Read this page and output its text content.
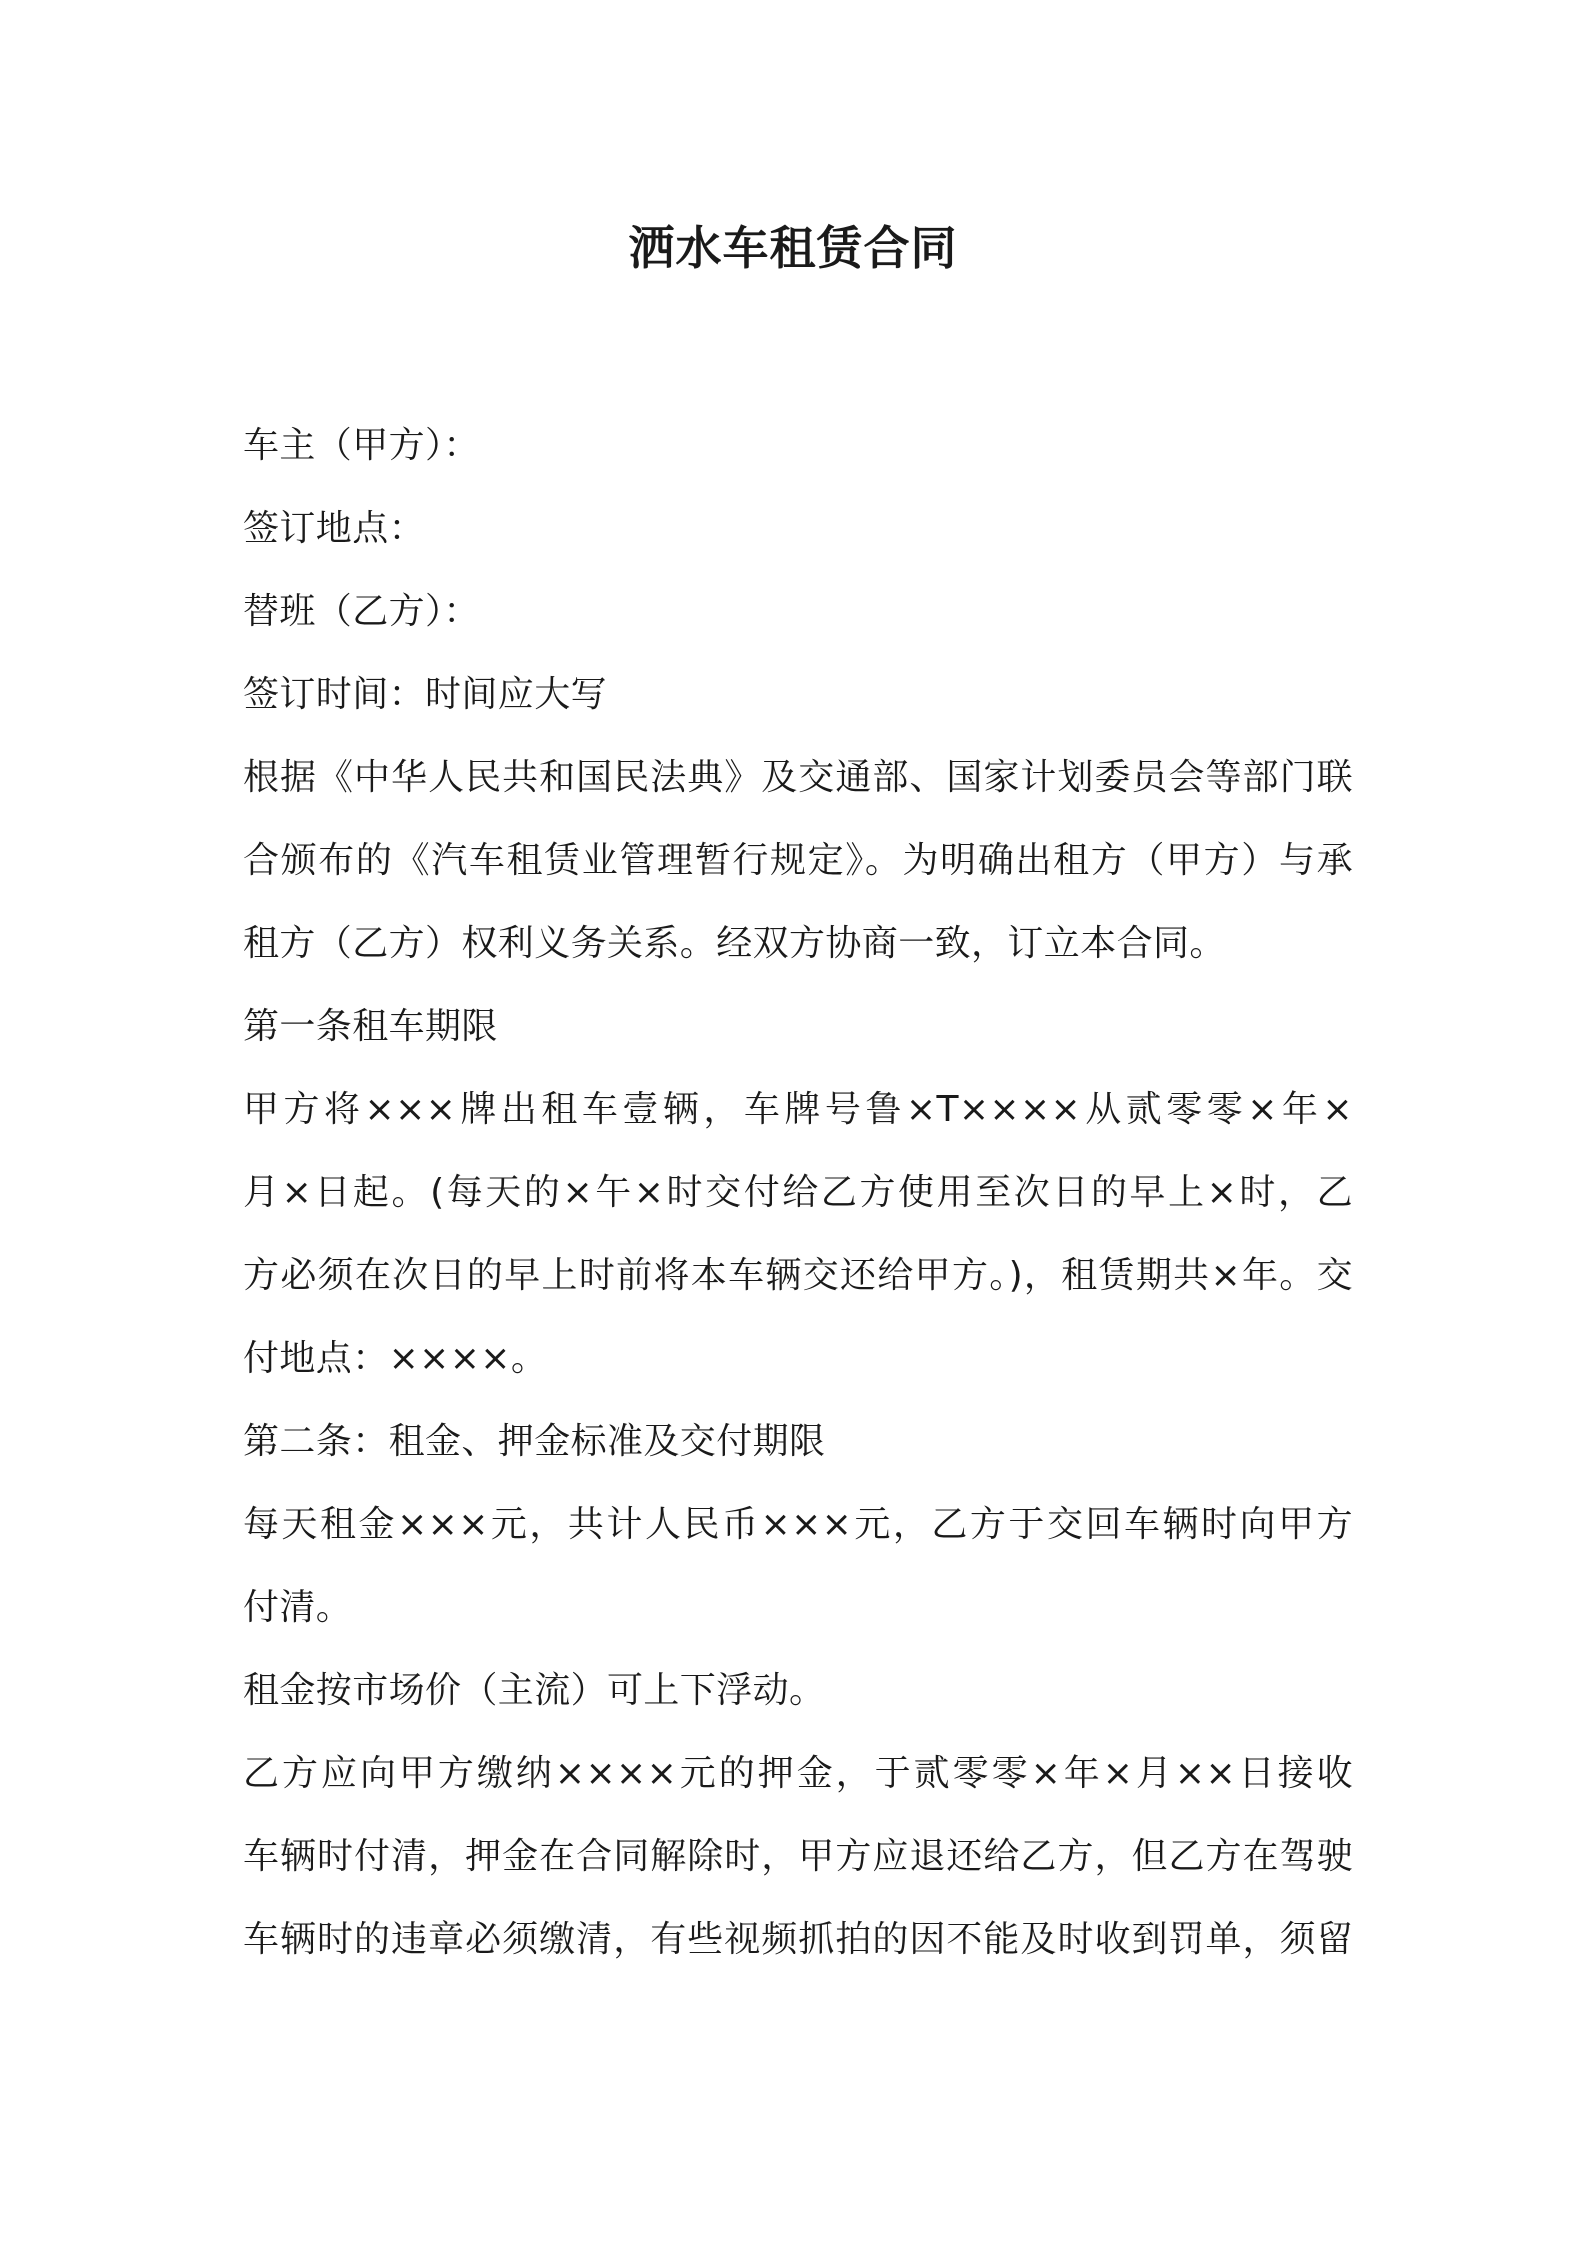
洒水车租赁合同
车主（甲方）：
签订地点：
替班（乙方）：
签订时间：时间应大写
根据《中华人民共和国民法典》及交通部、国家计划委员会等部门联
合颁布的《汽车租赁业管理暂行规定》。为明确出租方（甲方）与承
租方（乙方）权利义务关系。经双方协商一致，订立本合同。
第一条租车期限
甲方将×××牌出租车壹辆，车牌号鲁×T××××从贰零零×年×
月×日起。(每天的×午×时交付给乙方使用至次日的早上×时，乙
方必须在次日的早上时前将本车辆交还给甲方。)，租赁期共×年。交
付地点：××××。
第二条：租金、押金标准及交付期限
每天租金×××元，共计人民币×××元，乙方于交回车辆时向甲方
付清。
租金按市场价（主流）可上下浮动。
乙方应向甲方缴纳××××元的押金，于贰零零×年×月××日接收
车辆时付清，押金在合同解除时，甲方应退还给乙方，但乙方在驾驶
车辆时的违章必须缴清，有些视频抓拍的因不能及时收到罚单，须留
